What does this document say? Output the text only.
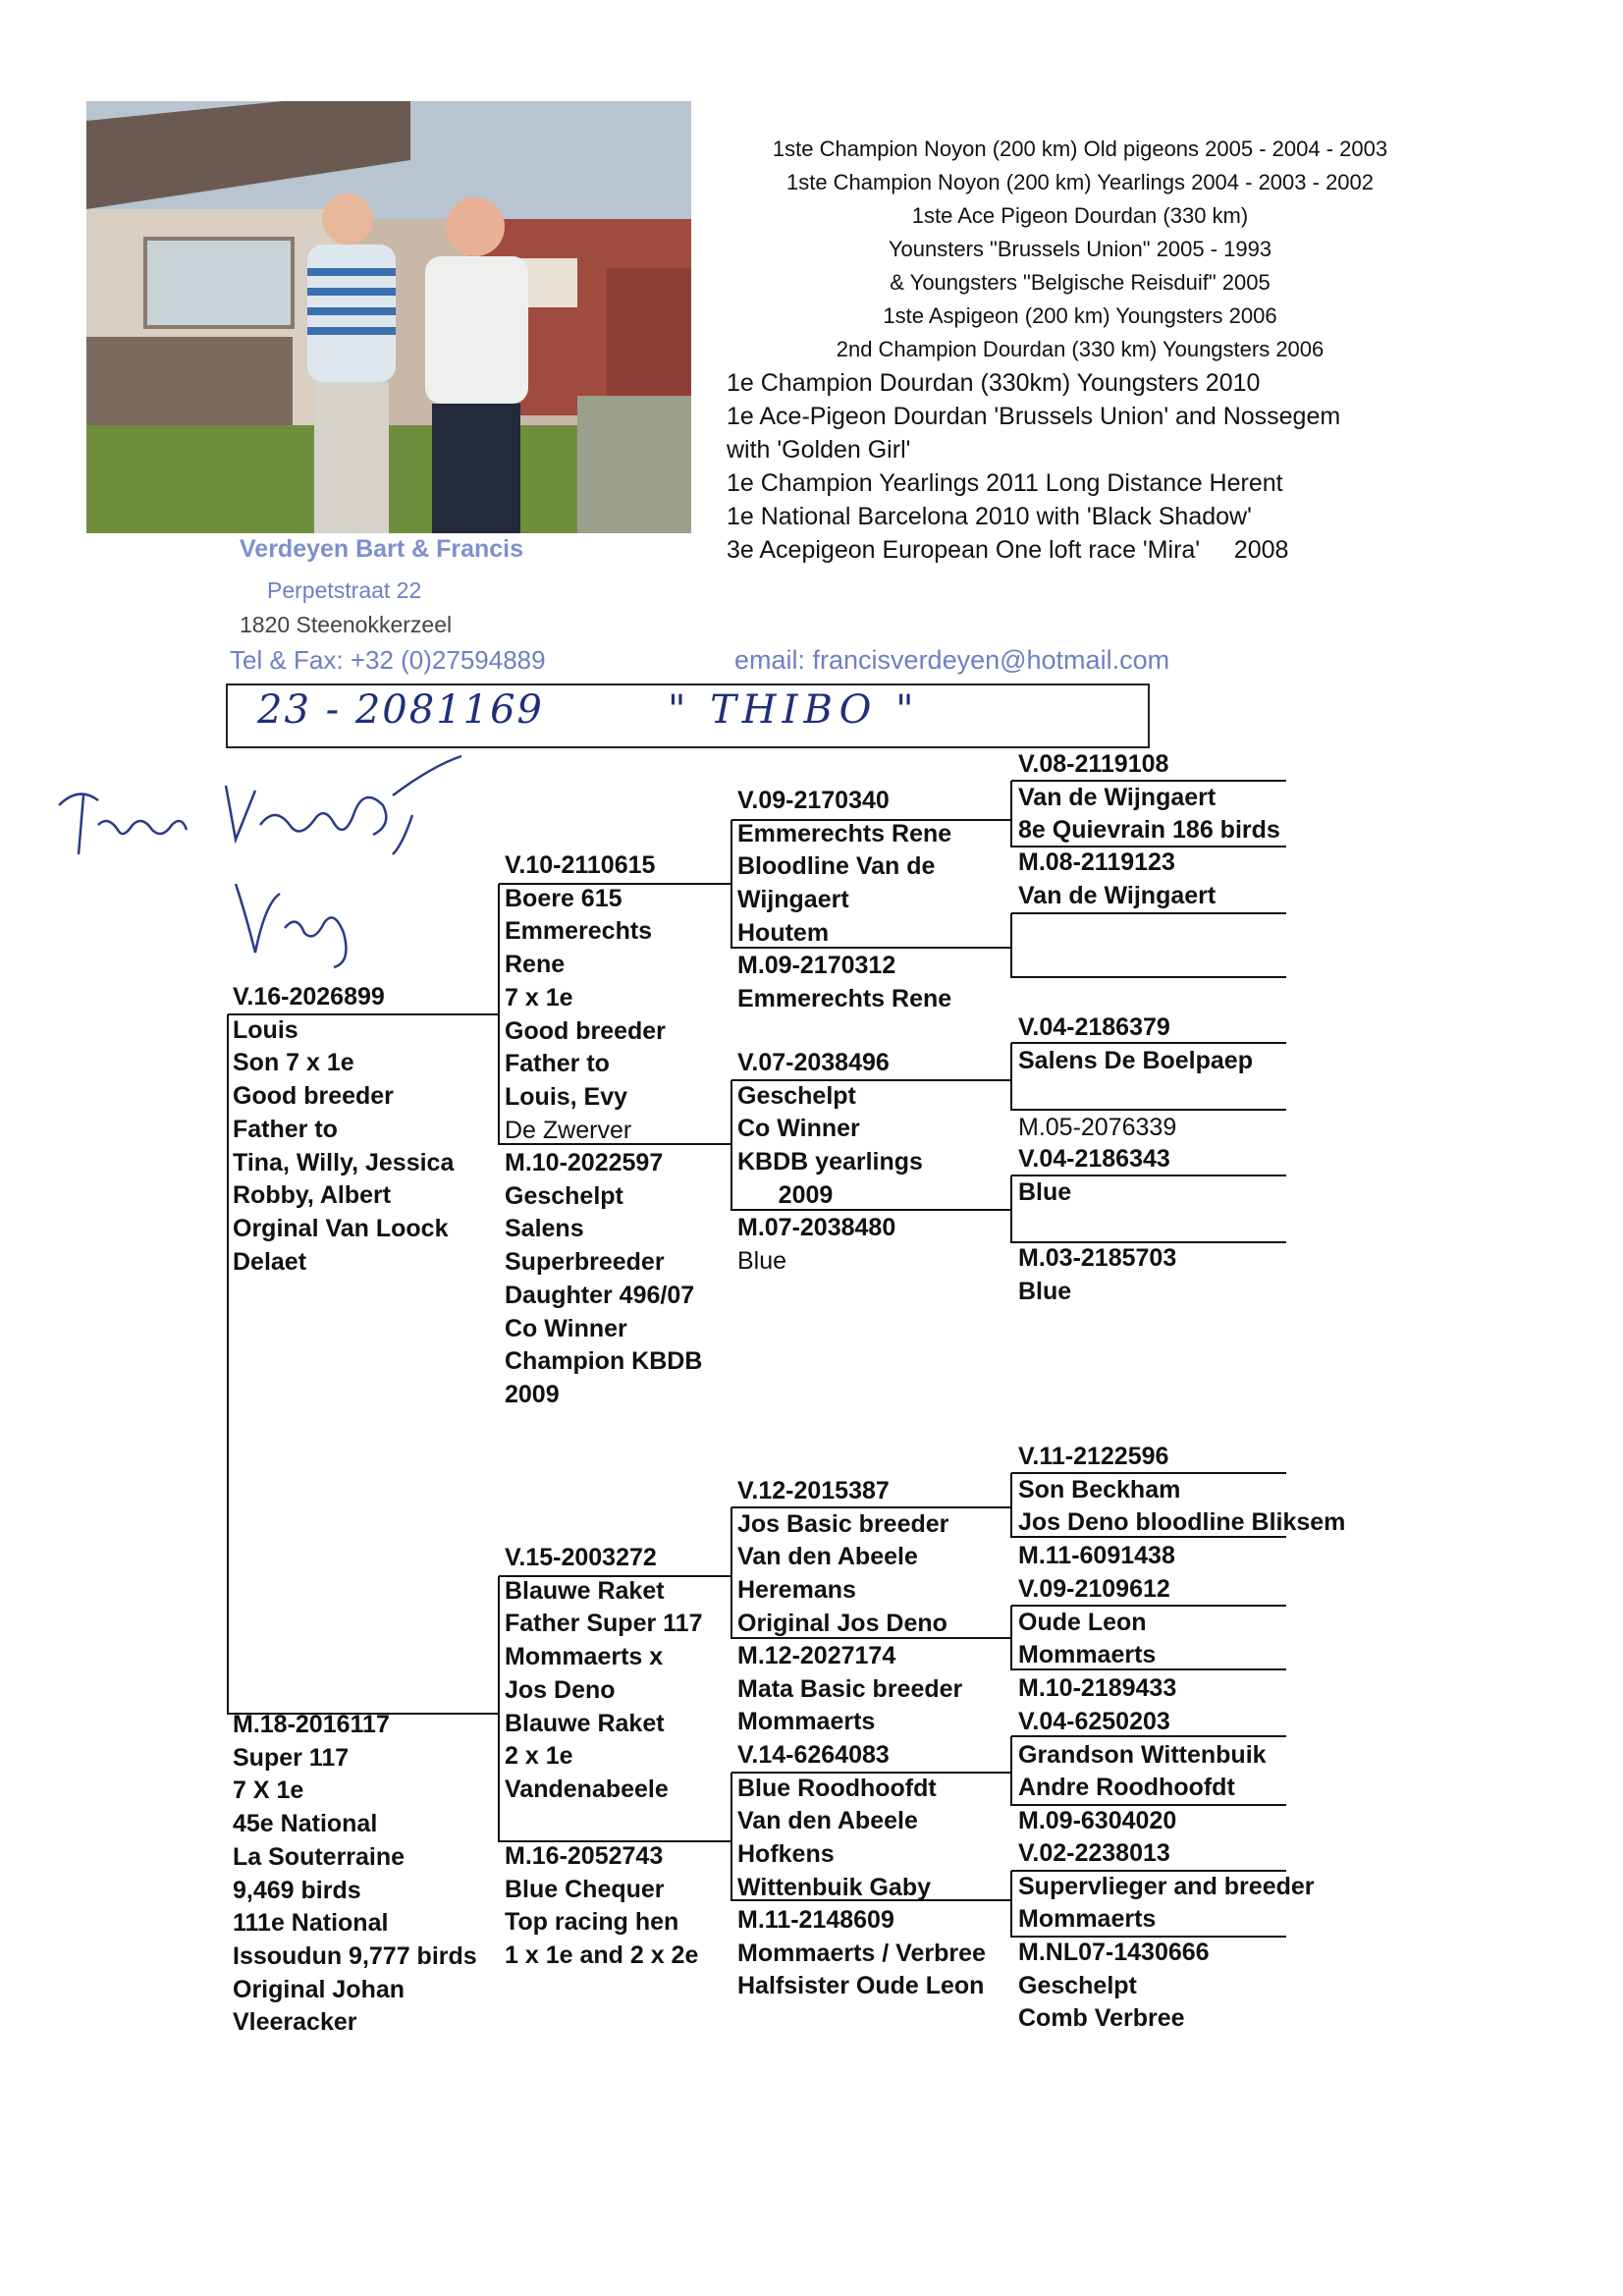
1ste Champion Noyon (200 km) Old pigeons 2005 - 2004 - 2003
1ste Champion Noyon (200 km) Yearlings 2004 - 2003 - 2002
1ste Ace Pigeon Dourdan (330 km)
Younsters "Brussels Union" 2005 - 1993
& Youngsters "Belgische Reisduif" 2005
1ste Aspigeon (200 km) Youngsters 2006
2nd Champion Dourdan (330 km) Youngsters 2006
1e Champion Dourdan (330km) Youngsters 2010
1e Ace-Pigeon Dourdan 'Brussels Union' and Nossegem
with 'Golden Girl'
1e Champion Yearlings 2011 Long Distance Herent
1e National Barcelona 2010 with 'Black Shadow'
3e Acepigeon European One loft race 'Mira'     2008
Verdeyen Bart & Francis
Perpetstraat 22
1820 Steenokkerzeel
Tel & Fax: +32 (0)27594889	email: francisverdeyen@hotmail.com
23 - 2081169	" THIBO "
V.16-2026899
Louis
Son 7 x 1e
Good breeder
Father to
Tina, Willy, Jessica
Robby, Albert
Orginal Van Loock
Delaet
M.18-2016117
Super 117
7 X 1e
45e National
La Souterraine
9,469 birds
111e National
Issoudun 9,777 birds
Original Johan
Vleeracker
V.10-2110615
Boere 615
Emmerechts
Rene
7 x 1e
Good breeder
Father to
Louis, Evy
De Zwerver
M.10-2022597
Geschelpt
Salens
Superbreeder
Daughter 496/07
Co Winner
Champion KBDB
2009
V.15-2003272
Blauwe Raket
Father Super 117
Mommaerts x
Jos Deno
Blauwe Raket
2 x 1e
Vandenabeele
M.16-2052743
Blue Chequer
Top racing hen
1 x 1e and 2 x 2e
V.09-2170340
Emmerechts Rene
Bloodline Van de
Wijngaert
Houtem
M.09-2170312
Emmerechts Rene
V.07-2038496
Geschelpt
Co Winner
KBDB yearlings
2009
M.07-2038480
Blue
V.12-2015387
Jos Basic breeder
Van den Abeele
Heremans
Original Jos Deno
M.12-2027174
Mata Basic breeder
Mommaerts
V.14-6264083
Blue Roodhoofdt
Van den Abeele
Hofkens
Wittenbuik Gaby
M.11-2148609
Mommaerts / Verbree
Halfsister Oude Leon
V.08-2119108
Van de Wijngaert
8e Quievrain 186 birds
M.08-2119123
Van de Wijngaert
V.04-2186379
Salens De Boelpaep
M.05-2076339
V.04-2186343
Blue
M.03-2185703
Blue
V.11-2122596
Son Beckham
Jos Deno bloodline Bliksem
M.11-6091438
V.09-2109612
Oude Leon
Mommaerts
M.10-2189433
V.04-6250203
Grandson Wittenbuik
Andre Roodhoofdt
M.09-6304020
V.02-2238013
Supervlieger and breeder
Mommaerts
M.NL07-1430666
Geschelpt
Comb Verbree
